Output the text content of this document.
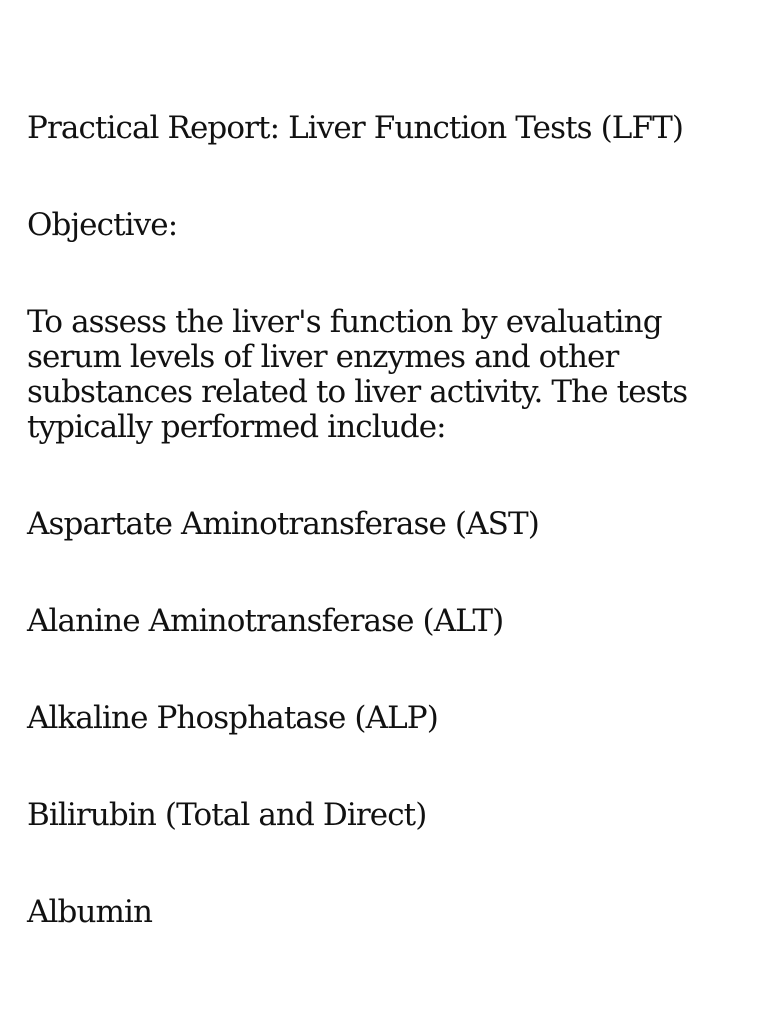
Practical Report: Liver Function Tests (LFT)

Objective:

To assess the liver's function by evaluating serum levels of liver enzymes and other substances related to liver activity. The tests typically performed include:

Aspartate Aminotransferase (AST)

Alanine Aminotransferase (ALT)

Alkaline Phosphatase (ALP)

Bilirubin (Total and Direct)

Albumin
